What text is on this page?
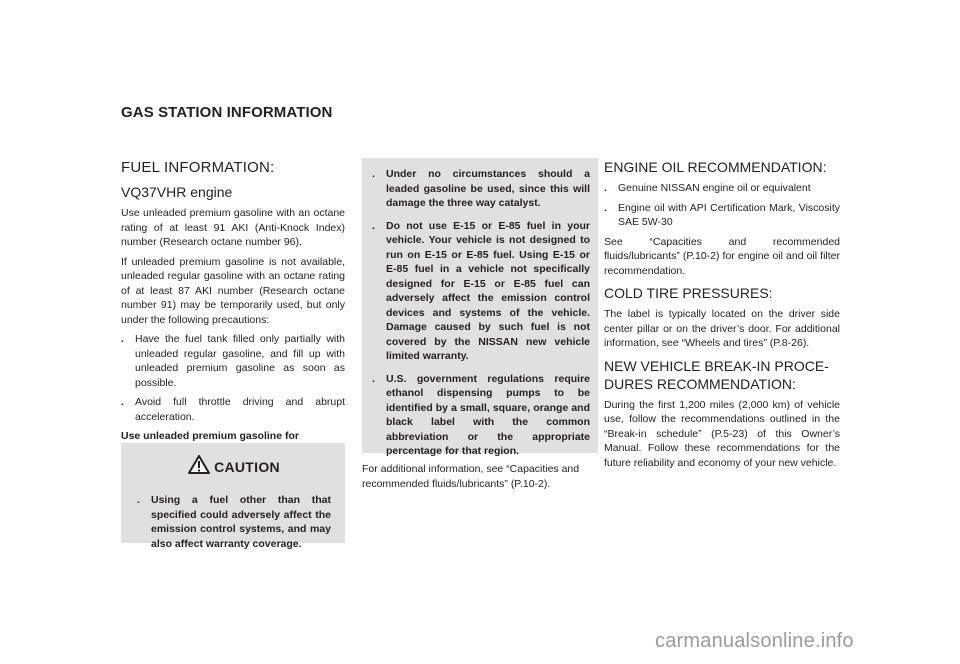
GAS STATION INFORMATION
FUEL INFORMATION:
VQ37VHR engine

Use unleaded premium gasoline with an octane rating of at least 91 AKI (Anti-Knock Index) number (Research octane number 96).

If unleaded premium gasoline is not available, unleaded regular gasoline with an octane rating of at least 87 AKI number (Research octane number 91) may be temporarily used, but only under the following precautions:

.	Have the fuel tank filled only partially with unleaded regular gasoline, and fill up with unleaded premium gasoline as soon as possible.
.	Avoid full throttle driving and abrupt acceleration.

Use unleaded premium gasoline for

CAUTION
.	Using a fuel other than that specified could adversely affect the emission control systems, and may also affect warranty coverage.
.	Under no circumstances should a leaded gasoline be used, since this will damage the three way catalyst.
.	Do not use E-15 or E-85 fuel in your vehicle. Your vehicle is not designed to run on E-15 or E-85 fuel. Using E-15 or E-85 fuel in a vehicle not specifically designed for E-15 or E-85 fuel can adversely affect the emission control devices and systems of the vehicle. Damage caused by such fuel is not covered by the NISSAN new vehicle limited warranty.
.	U.S. government regulations require ethanol dispensing pumps to be identified by a small, square, orange and black label with the common abbreviation or the appropriate percentage for that region.

For additional information, see “Capacities and recommended fluids/lubricants” (P.10-2).

ENGINE OIL RECOMMENDATION:
.	Genuine NISSAN engine oil or equivalent
.	Engine oil with API Certification Mark, Viscosity SAE 5W-30

See “Capacities and recommended fluids/lubricants” (P.10-2) for engine oil and oil filter recommendation.

COLD TIRE PRESSURES:

The label is typically located on the driver side center pillar or on the driver’s door. For additional information, see “Wheels and tires” (P.8-26).

NEW VEHICLE BREAK-IN PROCE-
DURES RECOMMENDATION:

During the first 1,200 miles (2,000 km) of vehicle use, follow the recommendations outlined in the “Break-in schedule” (P.5-23) of this Owner’s Manual. Follow these recommendations for the future reliability and economy of your new vehicle.

carmanualsonline.info
